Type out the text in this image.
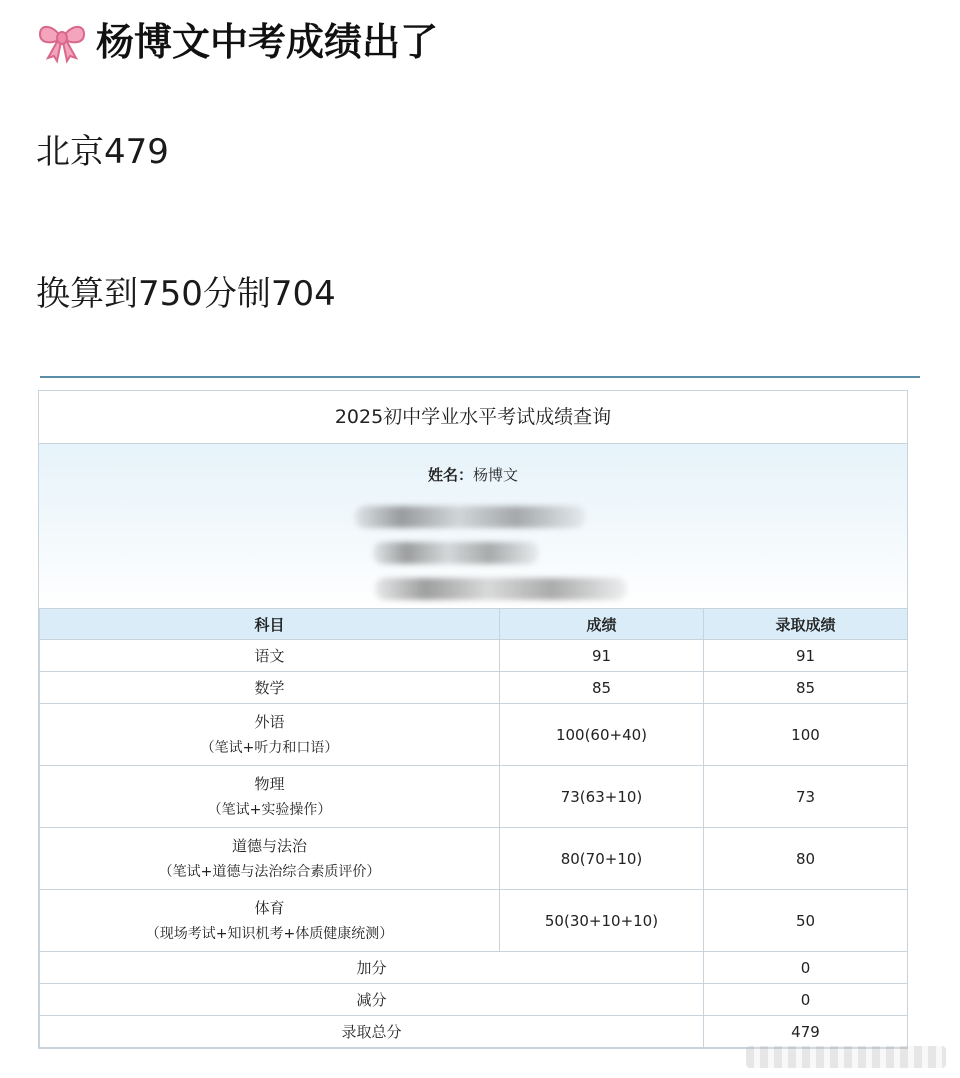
杨博文中考成绩出了
北京479
换算到750分制704
2025初中学业水平考试成绩查询
姓名：杨博文
科目	成绩	录取成绩

语文	91	91

数学	85	85

外语
（笔试+听力和口语）	100(60+40)	100

物理
（笔试+实验操作）	73(63+10)	73

道德与法治
（笔试+道德与法治综合素质评价）	80(70+10)	80

体育
（现场考试+知识机考+体质健康统测）	50(30+10+10)	50
加分		0
减分		0
录取总分		479
